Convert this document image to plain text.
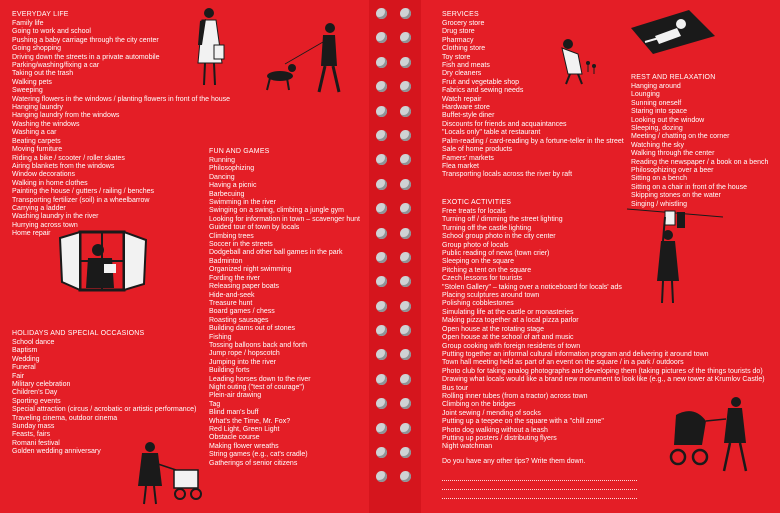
EVERYDAY LIFE
Family life
Going to work and school
Pushing a baby carriage through the city center
Going shopping
Driving down the streets in a private automobile
Parking/washing/fixing a car
Taking out the trash
Walking pets
Sweeping
Watering flowers in the windows / planting flowers in front of the house
Hanging laundry
Hanging laundry from the windows
Washing the windows
Washing a car
Beating carpets
Moving furniture
Riding a bike / scooter / roller skates
Airing blankets from the windows
Window decorations
Walking in home clothes
Painting the house / gutters / railing / benches
Transporting fertilizer (soil) in a wheelbarrow
Carrying a ladder
Washing laundry in the river
Hurrying across town
Home repair
FUN AND GAMES
Running
Philosophizing
Dancing
Having a picnic
Barbecuing
Swimming in the river
Swinging on a swing, climbing a jungle gym
Looking for information in town – scavenger hunt
Guided tour of town by locals
Climbing trees
Soccer in the streets
Dodgeball and other ball games in the park
Badminton
Organized night swimming
Fording the river
Releasing paper boats
Hide-and-seek
Treasure hunt
Board games / chess
Roasting sausages
Building dams out of stones
Fishing
Tossing balloons back and forth
Jump rope / hopscotch
Jumping into the river
Building forts
Leading horses down to the river
Night outing ("test of courage")
Plein-air drawing
Tag
Blind man's buff
What's the Time, Mr. Fox?
Red Light, Green Light
Obstacle course
Making flower wreaths
String games (e.g., cat's cradle)
Gatherings of senior citizens
HOLIDAYS AND SPECIAL OCCASIONS
School dance
Baptism
Wedding
Funeral
Fair
Military celebration
Children's Day
Sporting events
Special attraction (circus / acrobatic or artistic performance)
Traveling cinema, outdoor cinema
Sunday mass
Feasts, fairs
Romani festival
Golden wedding anniversary
SERVICES
Grocery store
Drug store
Pharmacy
Clothing store
Toy store
Fish and meats
Dry cleaners
Fruit and vegetable shop
Fabrics and sewing needs
Watch repair
Hardware store
Buffet-style diner
Discounts for friends and acquaintances
"Locals only" table at restaurant
Palm-reading / card-reading by a fortune-teller in the street
Sale of home products
Famers' markets
Flea market
Transporting locals across the river by raft
REST AND RELAXATION
Hanging around
Lounging
Sunning oneself
Staring into space
Looking out the window
Sleeping, dozing
Meeting / chatting on the corner
Watching the sky
Walking through the center
Reading the newspaper / a book on a bench
Philosophizing over a beer
Sitting on a bench
Sitting on a chair in front of the house
Skipping stones on the water
Singing / whistling
EXOTIC ACTIVITIES
Free treats for locals
Turning off / dimming the street lighting
Turning off the castle lighting
School group photo in the city center
Group photo of locals
Public reading of news (town crier)
Sleeping on the square
Pitching a tent on the square
Czech lessons for tourists
"Stolen Gallery" – taking over a noticeboard for locals' ads
Placing sculptures around town
Polishing cobblestones
Simulating life at the castle or monasteries
Making pizza together at a local pizza parlor
Open house at the rotating stage
Open house at the school of art and music
Group cooking with foreign residents of town
Putting together an informal cultural information program and delivering it around town
Town hall meeting held as part of an event on the square / in a park / outdoors
Photo club for taking analog photographs and developing them (taking pictures of the things tourists do)
Drawing what locals would like a brand new monument to look like (e.g., a new tower at Krumlov Castle)
Bus tour
Rolling inner tubes (from a tractor) across town
Climbing on the bridges
Joint sewing / mending of socks
Putting up a teepee on the square with a "chill zone"
Photo dog walking without a leash
Putting up posters / distributing flyers
Night watchman
Do you have any other tips? Write them down.
